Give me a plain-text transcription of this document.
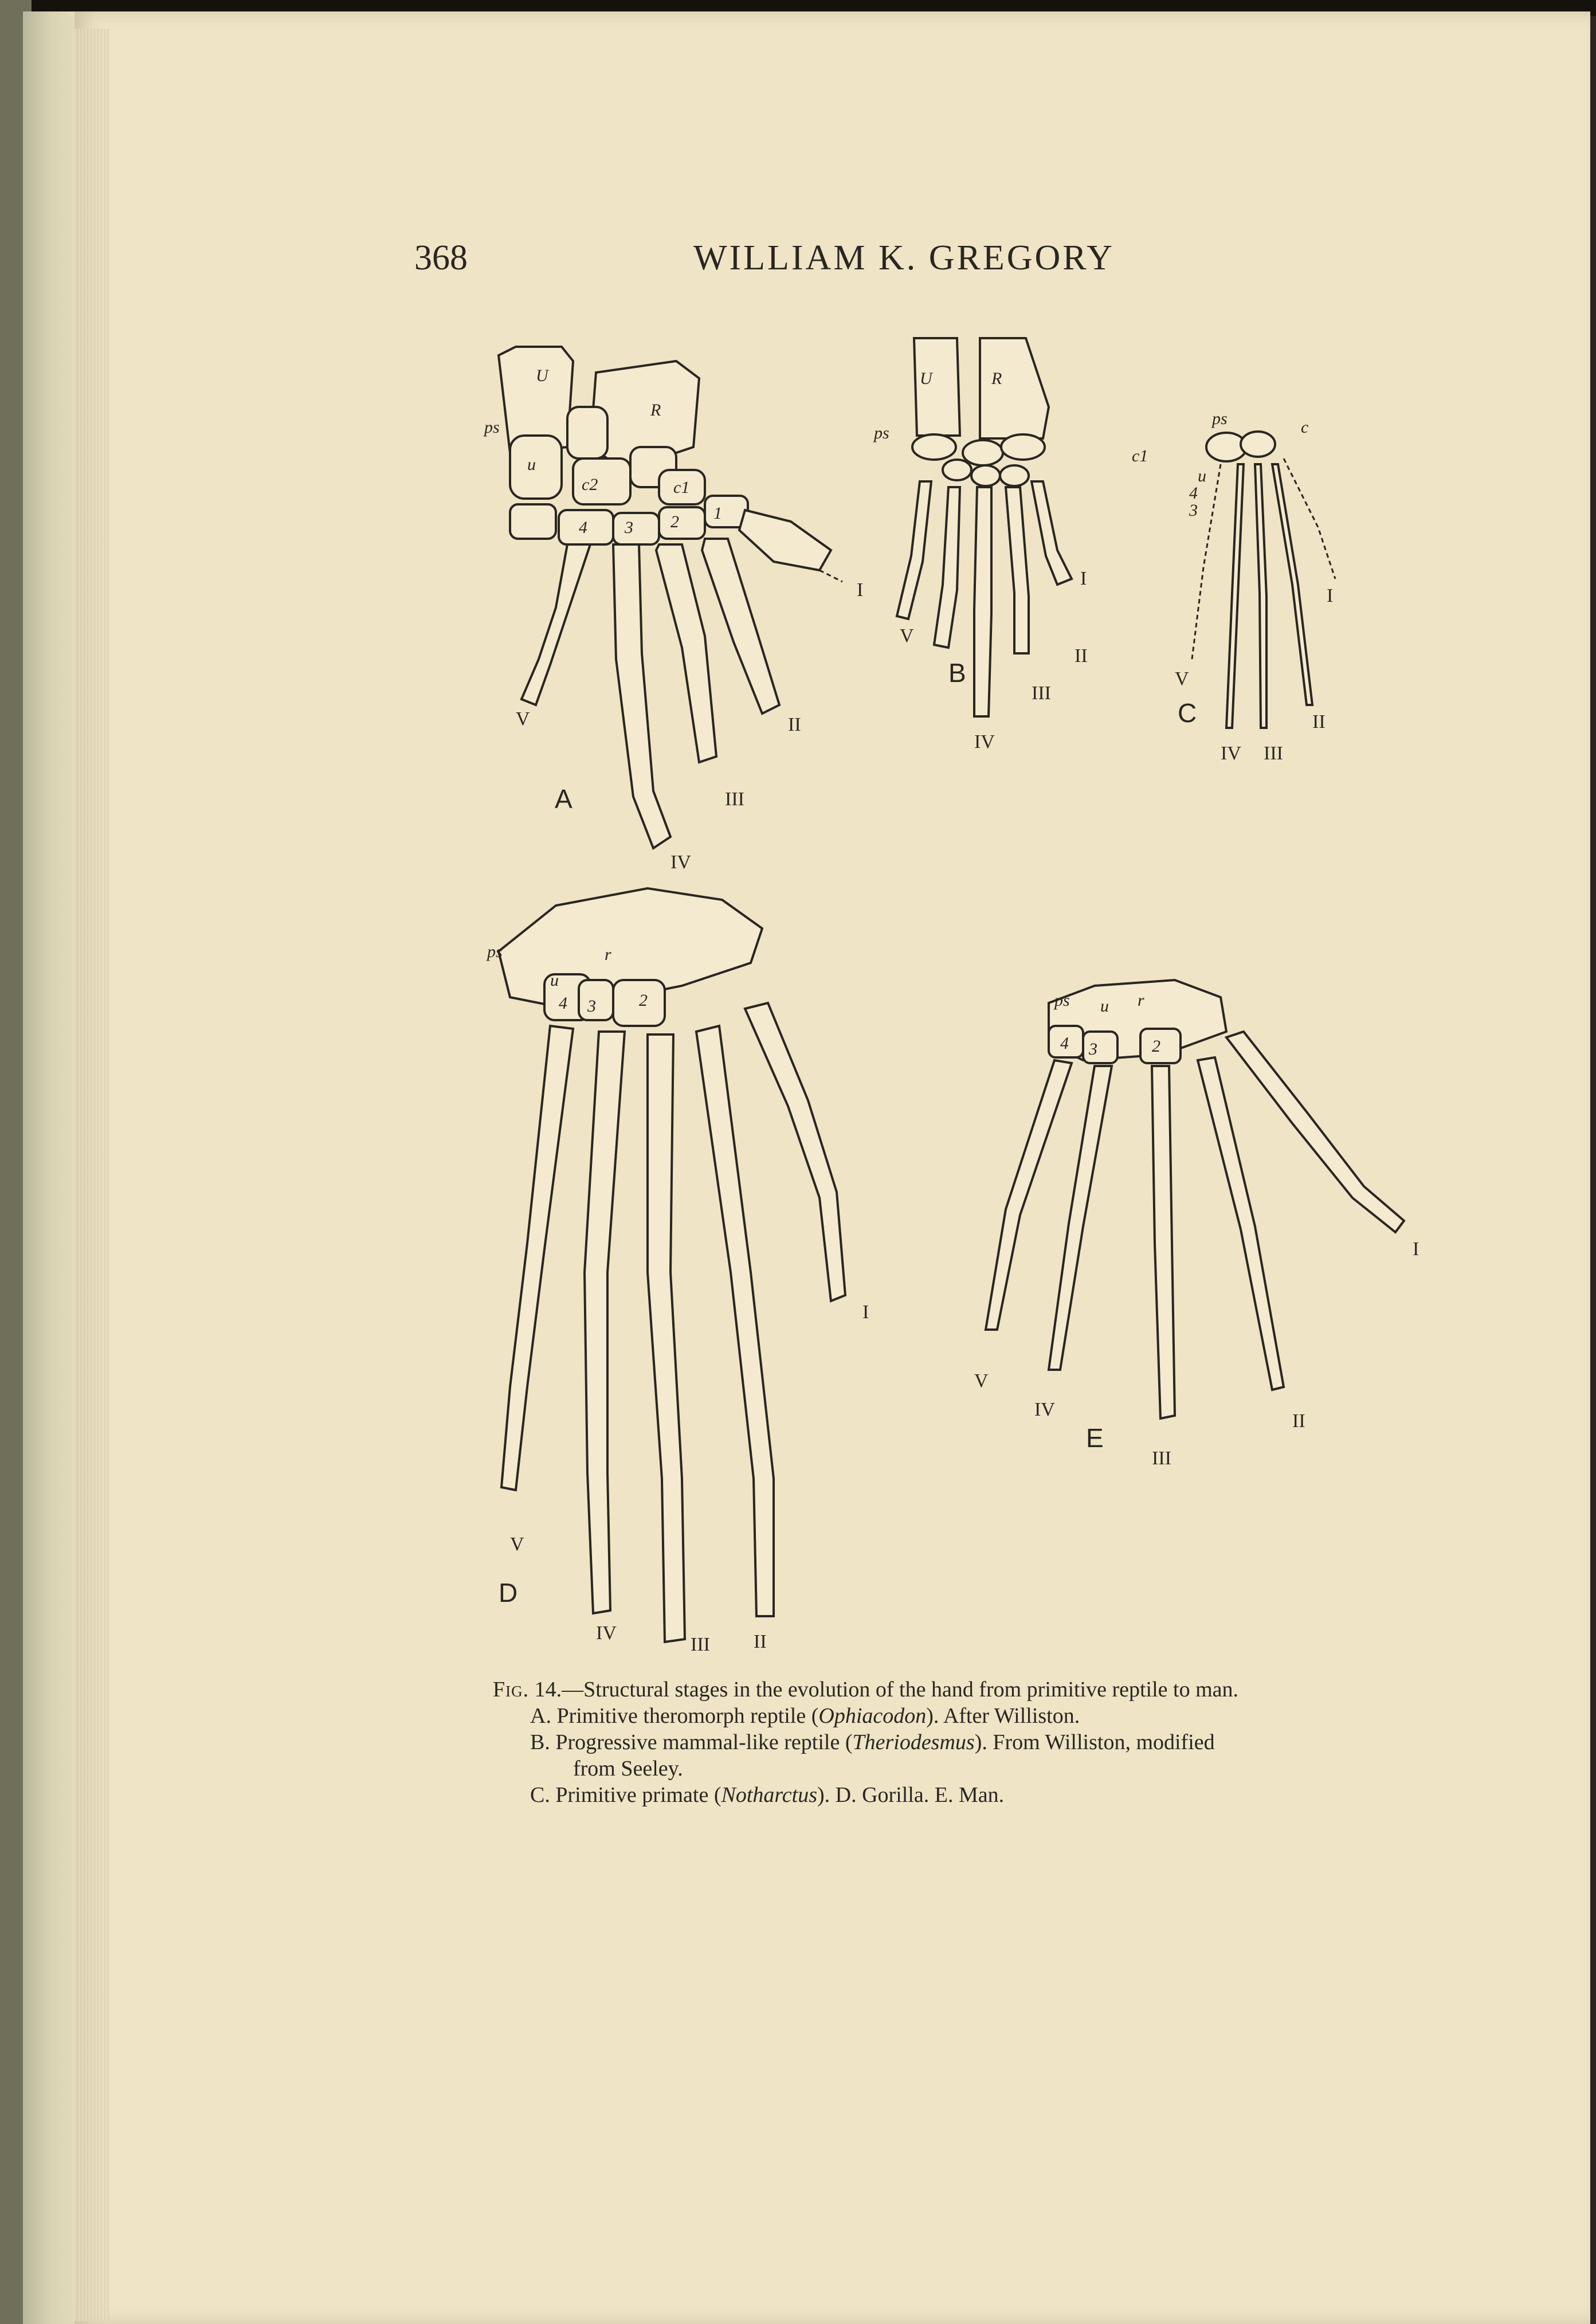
368	WILLIAM K. GREGORY
U
R
ps
u
c2	c1
4 3 2 1
I
II
III
IV
V
A
U	R
ps
c1
V
III
IV
II
I
B
ps	c
u
4
3
I
II
III
IV
V
C
ps
u
r
4 3	2
I
II
III
IV
V
D
ps u r
4 3	2
I
II
III
IV
V
E
Fig. 14.—Structural stages in the evolution of the hand from primitive reptile to man.
A. Primitive theromorph reptile (Ophiacodon). After Williston.
B. Progressive mammal-like reptile (Theriodesmus). From Williston, modified
from Seeley.
C. Primitive primate (Notharctus). D. Gorilla. E. Man.
